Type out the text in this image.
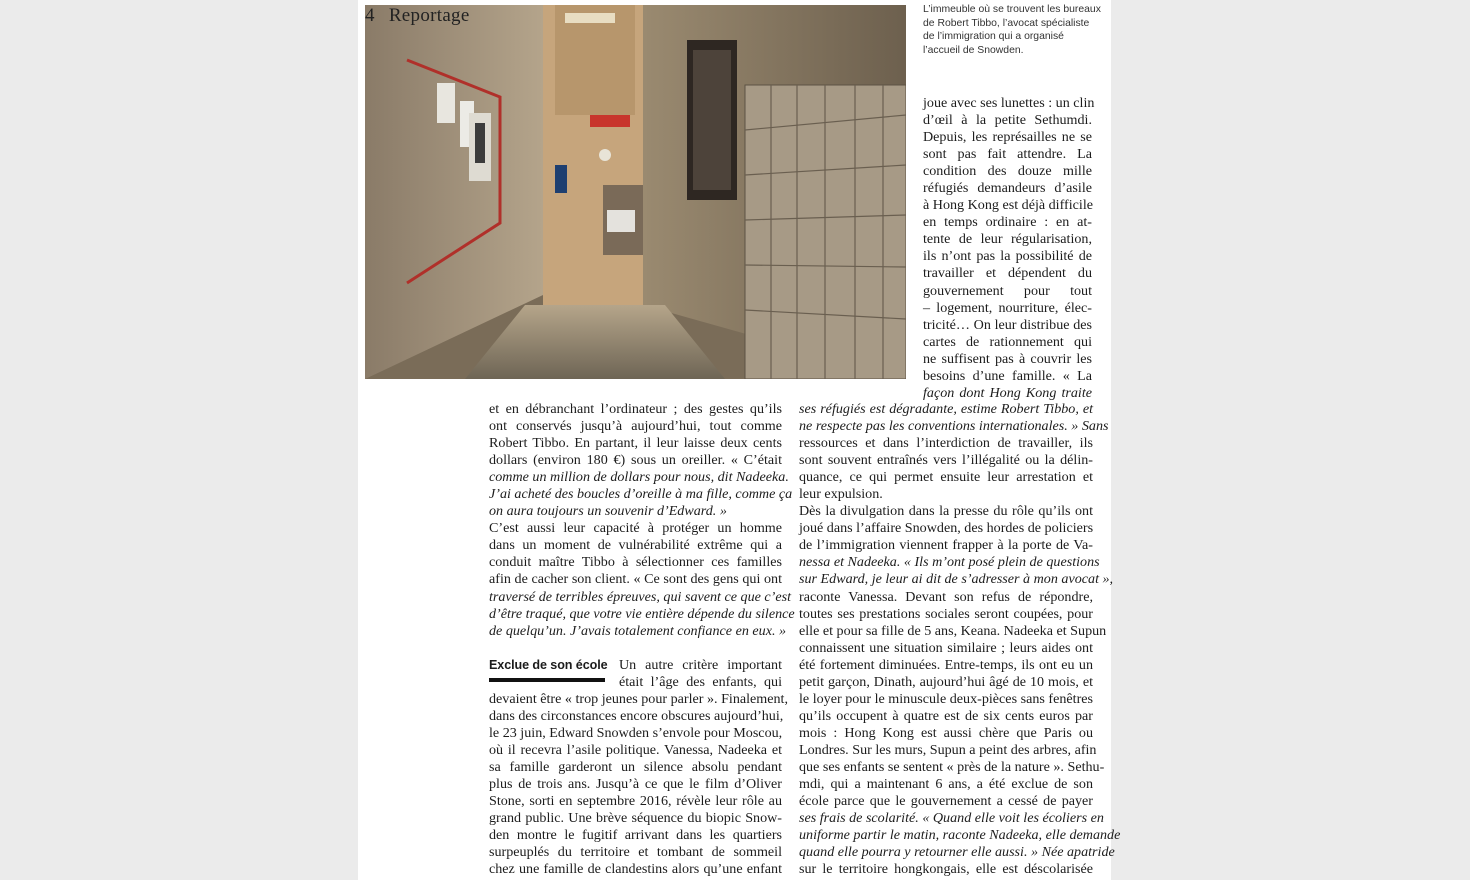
4 Reportage	L’immeuble où se trouvent les bureaux de Robert Tibbo, l’avocat spécialiste de l’immigration qui a organisé l’accueil de Snowden.
joue avec ses lunettes : un clin
d’œil à la petite Sethumdi.
Depuis, les représailles ne se
sont pas fait attendre. La
condition des douze mille
réfugiés demandeurs d’asile
à Hong Kong est déjà difficile
en temps ordinaire : en at-
tente de leur régularisation,
ils n’ont pas la possibilité de
travailler et dépendent du
gouvernement pour tout
– logement, nourriture, élec-
tricité… On leur distribue des
cartes de rationnement qui
ne suffisent pas à couvrir les
besoins d’une famille. « La
façon dont Hong Kong traite
et en débranchant l’ordinateur ; des gestes qu’ils
ont conservés jusqu’à aujourd’hui, tout comme
Robert Tibbo. En partant, il leur laisse deux cents
dollars (environ 180 €) sous un oreiller. « C’était
comme un million de dollars pour nous, dit Nadeeka.
J’ai acheté des boucles d’oreille à ma fille, comme ça
on aura toujours un souvenir d’Edward. »
C’est aussi leur capacité à protéger un homme
dans un moment de vulnérabilité extrême qui a
conduit maître Tibbo à sélectionner ces familles
afin de cacher son client. « Ce sont des gens qui ont
traversé de terribles épreuves, qui savent ce que c’est
d’être traqué, que votre vie entière dépende du silence
de quelqu’un. J’avais totalement confiance en eux. »
Exclue de son école Un autre critère important
était l’âge des enfants, qui
devaient être « trop jeunes pour parler ». Finalement,
dans des circonstances encore obscures aujourd’hui,
le 23 juin, Edward Snowden s’envole pour Moscou,
où il recevra l’asile politique. Vanessa, Nadeeka et
sa famille garderont un silence absolu pendant
plus de trois ans. Jusqu’à ce que le film d’Oliver
Stone, sorti en septembre 2016, révèle leur rôle au
grand public. Une brève séquence du biopic Snow-
den montre le fugitif arrivant dans les quartiers
surpeuplés du territoire et tombant de sommeil
chez une famille de clandestins alors qu’une enfant
ses réfugiés est dégradante, estime Robert Tibbo, et
ne respecte pas les conventions internationales. » Sans
ressources et dans l’interdiction de travailler, ils
sont souvent entraînés vers l’illégalité ou la délin-
quance, ce qui permet ensuite leur arrestation et
leur expulsion.
Dès la divulgation dans la presse du rôle qu’ils ont
joué dans l’affaire Snowden, des hordes de policiers
de l’immigration viennent frapper à la porte de Va-
nessa et Nadeeka. « Ils m’ont posé plein de questions
sur Edward, je leur ai dit de s’adresser à mon avocat »,
raconte Vanessa. Devant son refus de répondre,
toutes ses prestations sociales seront coupées, pour
elle et pour sa fille de 5 ans, Keana. Nadeeka et Supun
connaissent une situation similaire ; leurs aides ont
été fortement diminuées. Entre-temps, ils ont eu un
petit garçon, Dinath, aujourd’hui âgé de 10 mois, et
le loyer pour le minuscule deux-pièces sans fenêtres
qu’ils occupent à quatre est de six cents euros par
mois : Hong Kong est aussi chère que Paris ou
Londres. Sur les murs, Supun a peint des arbres, afin
que ses enfants se sentent « près de la nature ». Sethu-
mdi, qui a maintenant 6 ans, a été exclue de son
école parce que le gouvernement a cessé de payer
ses frais de scolarité. « Quand elle voit les écoliers en
uniforme partir le matin, raconte Nadeeka, elle demande
quand elle pourra y retourner elle aussi. » Née apatride
sur le territoire hongkongais, elle est déscolarisée
